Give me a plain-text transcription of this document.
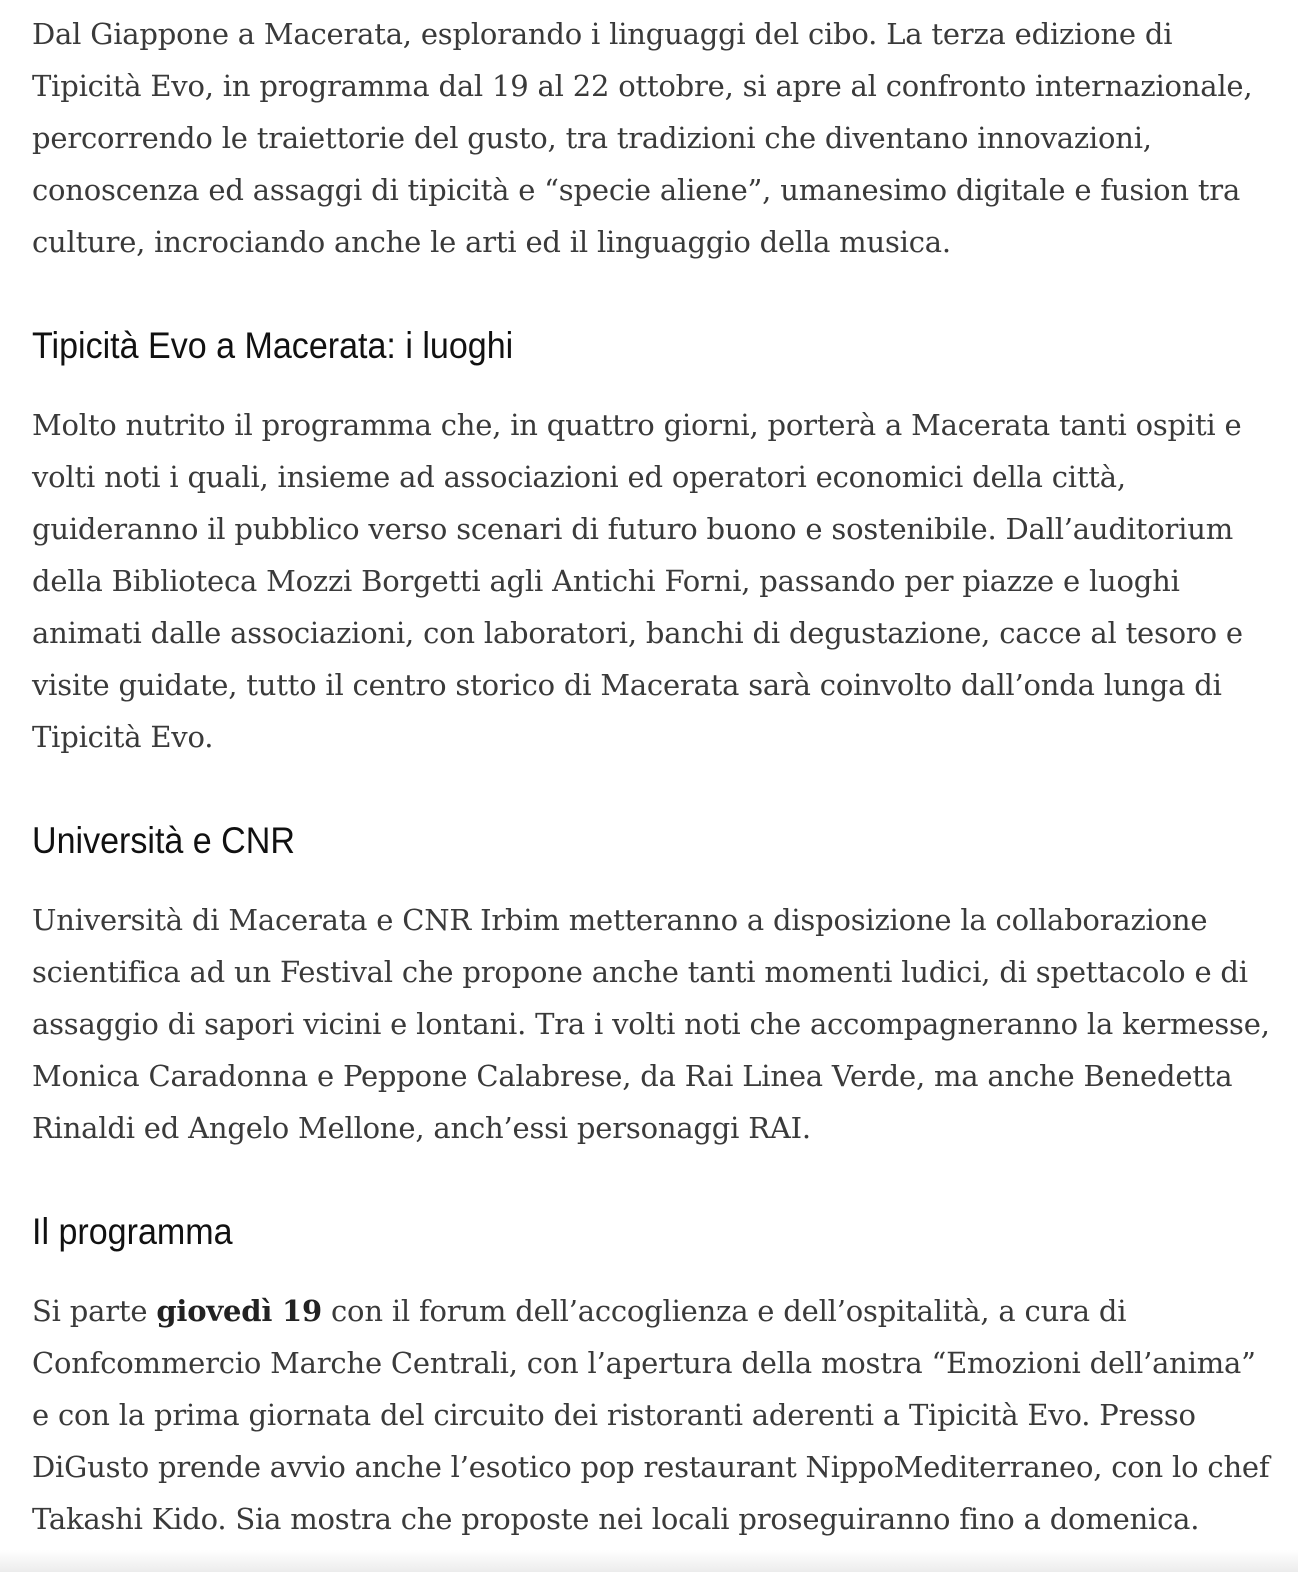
Dal Giappone a Macerata, esplorando i linguaggi del cibo. La terza edizione di Tipicità Evo, in programma dal 19 al 22 ottobre, si apre al confronto internazionale, percorrendo le traiettorie del gusto, tra tradizioni che diventano innovazioni, conoscenza ed assaggi di tipicità e “specie aliene”, umanesimo digitale e fusion tra culture, incrociando anche le arti ed il linguaggio della musica.

Tipicità Evo a Macerata: i luoghi

Molto nutrito il programma che, in quattro giorni, porterà a Macerata tanti ospiti e volti noti i quali, insieme ad associazioni ed operatori economici della città, guideranno il pubblico verso scenari di futuro buono e sostenibile. Dall’auditorium della Biblioteca Mozzi Borgetti agli Antichi Forni, passando per piazze e luoghi animati dalle associazioni, con laboratori, banchi di degustazione, cacce al tesoro e visite guidate, tutto il centro storico di Macerata sarà coinvolto dall’onda lunga di Tipicità Evo.

Università e CNR

Università di Macerata e CNR Irbim metteranno a disposizione la collaborazione scientifica ad un Festival che propone anche tanti momenti ludici, di spettacolo e di assaggio di sapori vicini e lontani. Tra i volti noti che accompagneranno la kermesse, Monica Caradonna e Peppone Calabrese, da Rai Linea Verde, ma anche Benedetta Rinaldi ed Angelo Mellone, anch’essi personaggi RAI.

Il programma

Si parte giovedì 19 con il forum dell’accoglienza e dell’ospitalità, a cura di Confcommercio Marche Centrali, con l’apertura della mostra “Emozioni dell’anima” e con la prima giornata del circuito dei ristoranti aderenti a Tipicità Evo. Presso DiGusto prende avvio anche l’esotico pop restaurant NippoMediterraneo, con lo chef Takashi Kido. Sia mostra che proposte nei locali proseguiranno fino a domenica.
